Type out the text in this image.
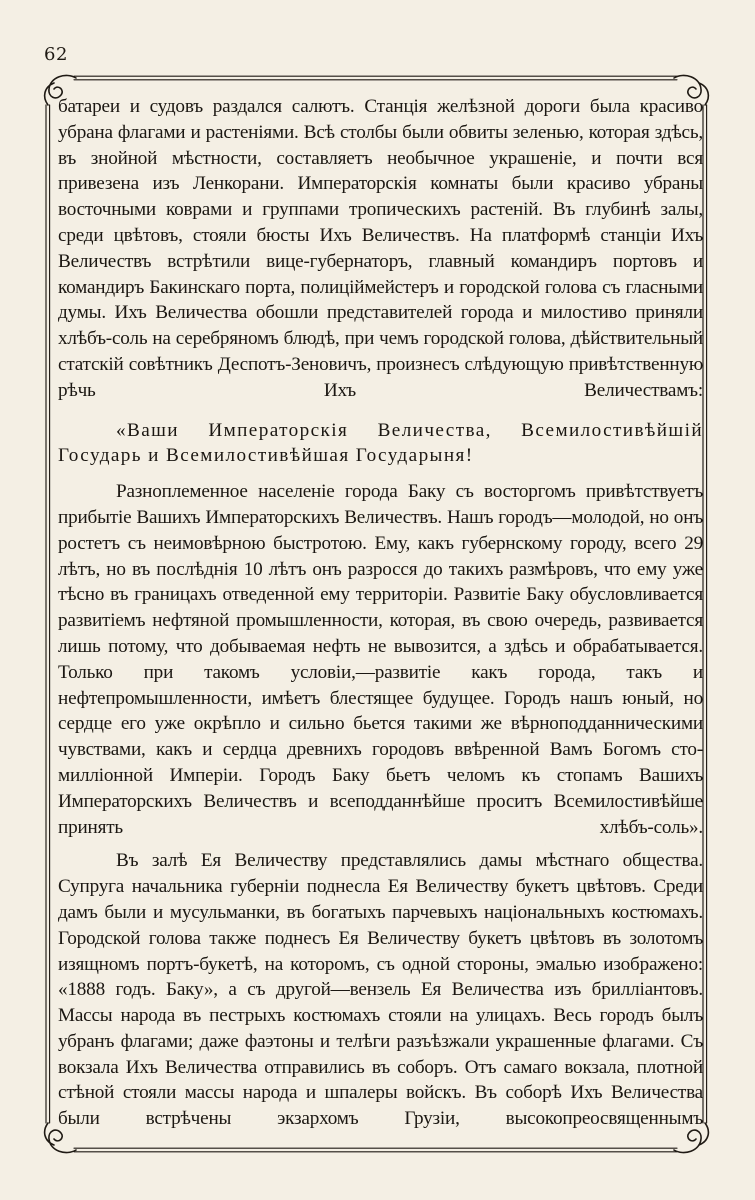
62

батареи и судовъ раздался салютъ. Станція желѣзной дороги была красиво убрана флагами и растеніями. Всѣ столбы были обвиты зеленью, которая здѣсь, въ знойной мѣстности, составляетъ необычное украшеніе, и почти вся привезена изъ Ленкорани. Императорскія комнаты были красиво убраны восточными коврами и группами тропическихъ растеній. Въ глубинѣ залы, среди цвѣтовъ, стояли бюсты Ихъ Величествъ. На платформѣ станціи Ихъ Величествъ встрѣтили вице-губернаторъ, главный командиръ портовъ и командиръ Бакинскаго порта, полиціймейстеръ и городской голова съ гласными думы. Ихъ Величества обошли представителей города и милостиво приняли хлѣбъ-соль на серебряномъ блюдѣ, при чемъ городской голова, дѣйствительный статскій совѣтникъ Деспотъ-Зеновичъ, произнесъ слѣдующую привѣтственную рѣчь Ихъ Величествамъ:

«Ваши Императорскія Величества, Всемилостивѣйшій Государь и Всемилостивѣйшая Государыня!

Разноплеменное населеніе города Баку съ восторгомъ привѣтствуетъ прибытіе Вашихъ Императорскихъ Величествъ. Нашъ городъ—молодой, но онъ ростетъ съ неимовѣрною быстротою. Ему, какъ губернскому городу, всего 29 лѣтъ, но въ послѣднія 10 лѣтъ онъ разросся до такихъ размѣровъ, что ему уже тѣсно въ границахъ отведенной ему территоріи. Развитіе Баку обусловливается развитіемъ нефтяной промышленности, которая, въ свою очередь, развивается лишь потому, что добываемая нефть не вывозится, а здѣсь и обрабатывается. Только при такомъ условіи,—развитіе какъ города, такъ и нефтепромышленности, имѣетъ блестящее будущее. Городъ нашъ юный, но сердце его уже окрѣпло и сильно бьется такими же вѣрноподданническими чувствами, какъ и сердца древнихъ городовъ ввѣренной Вамъ Богомъ сто-милліонной Имперіи. Городъ Баку бьетъ челомъ къ стопамъ Вашихъ Императорскихъ Величествъ и всеподданнѣйше проситъ Всемилостивѣйше принять хлѣбъ-соль».

Въ залѣ Ея Величеству представлялись дамы мѣстнаго общества. Супруга начальника губерніи поднесла Ея Величеству букетъ цвѣтовъ. Среди дамъ были и мусульманки, въ богатыхъ парчевыхъ національныхъ костюмахъ. Городской голова также поднесъ Ея Величеству букетъ цвѣтовъ въ золотомъ изящномъ портъ-букетѣ, на которомъ, съ одной стороны, эмалью изображено: «1888 годъ. Баку», а съ другой—вензель Ея Величества изъ брилліантовъ. Массы народа въ пестрыхъ костюмахъ стояли на улицахъ. Весь городъ былъ убранъ флагами; даже фаэтоны и телѣги разъѣзжали украшенные флагами. Съ вокзала Ихъ Величества отправились въ соборъ. Отъ самаго вокзала, плотной стѣной стояли массы народа и шпалеры войскъ. Въ соборѣ Ихъ Величества были встрѣчены экзархомъ Грузіи, высокопреосвященнымъ
